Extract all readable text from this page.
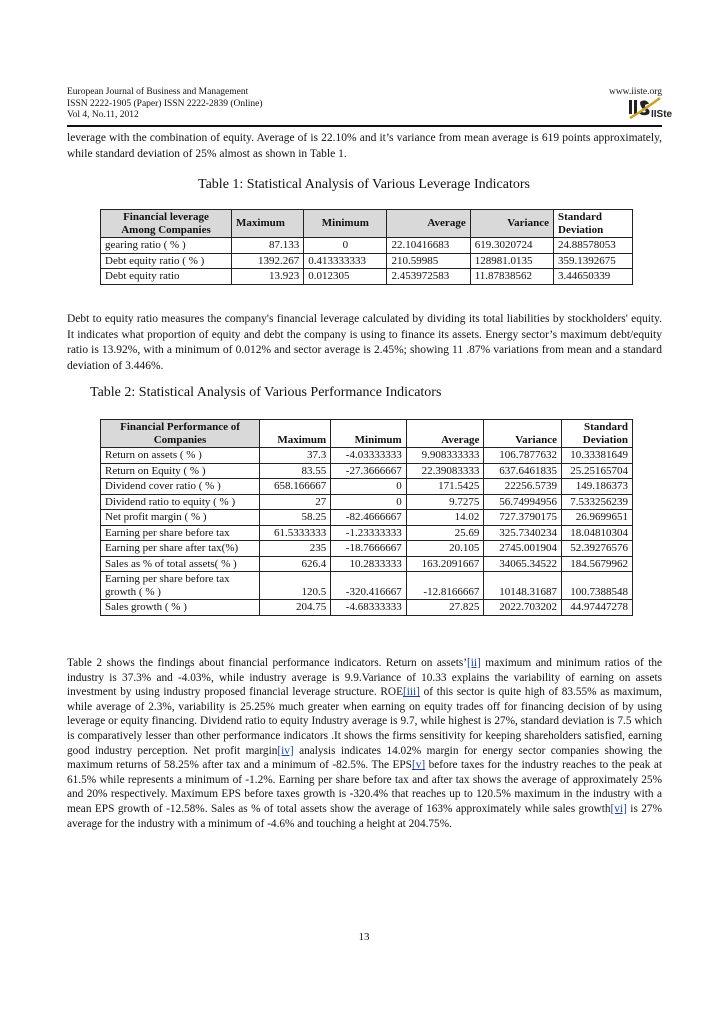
European Journal of Business and Management
ISSN 2222-1905 (Paper) ISSN 2222-2839 (Online)
Vol 4, No.11, 2012
www.iiste.org
IISte

leverage with the combination of equity. Average of is 22.10% and it’s variance from mean average is 619 points approximately, while standard deviation of 25% almost as shown in Table 1.

Table 1: Statistical Analysis of Various Leverage Indicators

Financial leverage Among Companies	Maximum	Minimum	Average	Variance	Standard Deviation
gearing ratio ( % )	87.133	0	22.10416683	619.3020724	24.88578053
Debt equity ratio ( % )	1392.267	0.413333333	210.59985	128981.0135	359.1392675
Debt equity ratio	13.923	0.012305	2.453972583	11.87838562	3.44650339

Debt to equity ratio measures the company's financial leverage calculated by dividing its total liabilities by stockholders' equity. It indicates what proportion of equity and debt the company is using to finance its assets. Energy sector’s maximum debt/equity ratio is 13.92%, with a minimum of 0.012% and sector average is 2.45%; showing 11 .87% variations from mean and a standard deviation of 3.446%.

Table 2: Statistical Analysis of Various Performance Indicators

Financial Performance of Companies	Maximum	Minimum	Average	Variance	Standard Deviation
Return on assets ( % )	37.3	-4.03333333	9.908333333	106.7877632	10.33381649
Return on Equity ( % )	83.55	-27.3666667	22.39083333	637.6461835	25.25165704
Dividend cover ratio ( % )	658.166667	0	171.5425	22256.5739	149.186373
Dividend ratio to equity ( % )	27	0	9.7275	56.74994956	7.533256239
Net profit margin ( % )	58.25	-82.4666667	14.02	727.3790175	26.9699651
Earning per share before tax	61.5333333	-1.23333333	25.69	325.7340234	18.04810304
Earning per share after tax(%)	235	-18.7666667	20.105	2745.001904	52.39276576
Sales as % of total assets( % )	626.4	10.2833333	163.2091667	34065.34522	184.5679962
Earning per share before tax growth ( % )	120.5	-320.416667	-12.8166667	10148.31687	100.7388548
Sales growth ( % )	204.75	-4.68333333	27.825	2022.703202	44.97447278

Table 2 shows the findings about financial performance indicators. Return on assets’[ii] maximum and minimum ratios of the industry is 37.3% and -4.03%, while industry average is 9.9.Variance of 10.33 explains the variability of earning on assets investment by using industry proposed financial leverage structure. ROE[iii] of this sector is quite high of 83.55% as maximum, while average of 2.3%, variability is 25.25% much greater when earning on equity trades off for financing decision of by using leverage or equity financing. Dividend ratio to equity Industry average is 9.7, while highest is 27%, standard deviation is 7.5 which is comparatively lesser than other performance indicators .It shows the firms sensitivity for keeping shareholders satisfied, earning good industry perception. Net profit margin[iv] analysis indicates 14.02% margin for energy sector companies showing the maximum returns of 58.25% after tax and a minimum of -82.5%. The EPS[v] before taxes for the industry reaches to the peak at 61.5% while represents a minimum of -1.2%. Earning per share before tax and after tax shows the average of approximately 25% and 20% respectively. Maximum EPS before taxes growth is -320.4% that reaches up to 120.5% maximum in the industry with a mean EPS growth of -12.58%. Sales as % of total assets show the average of 163% approximately while sales growth[vi] is 27% average for the industry with a minimum of -4.6% and touching a height at 204.75%.

13
